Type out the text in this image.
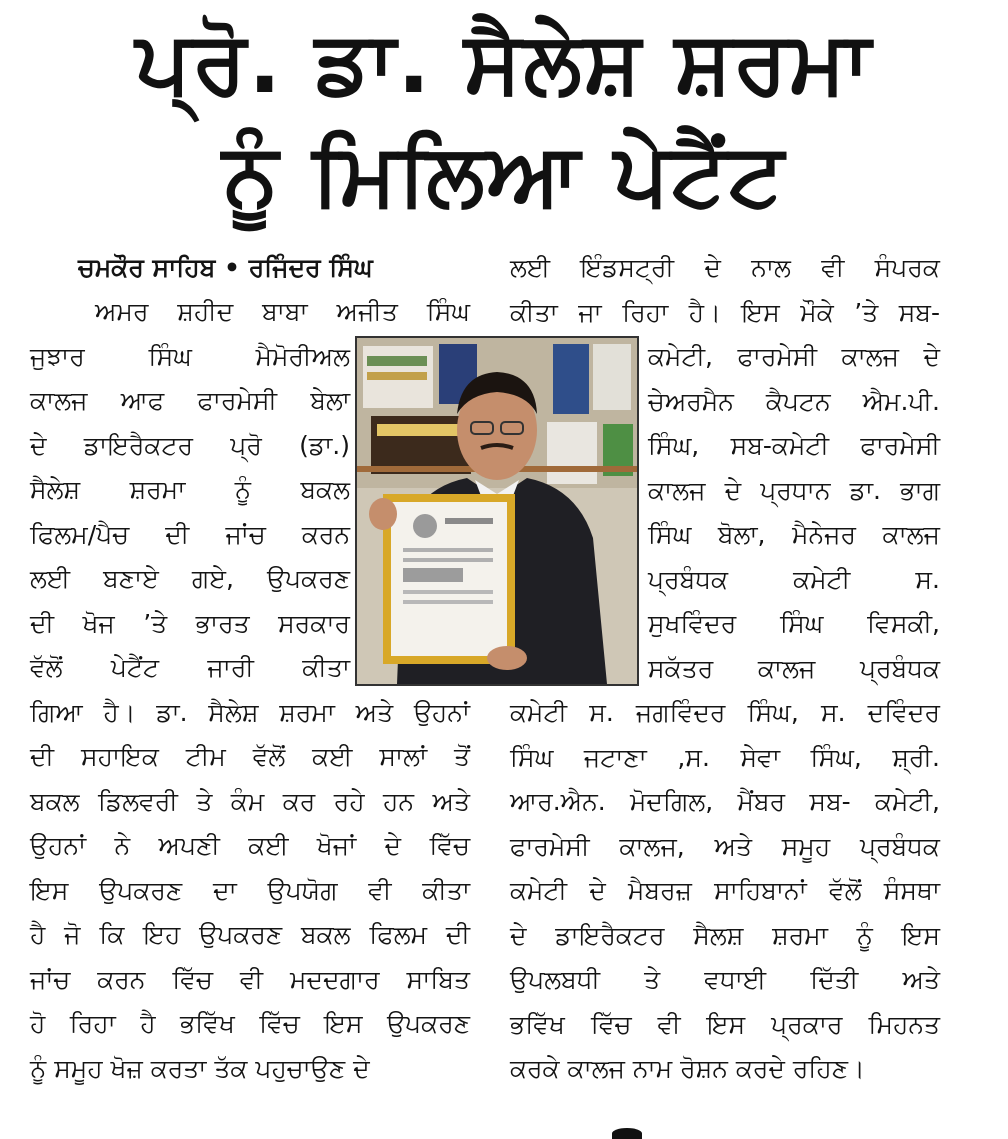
ਪ੍ਰੋ. ਡਾ. ਸੈਲੇਸ਼ ਸ਼ਰਮਾ
ਨੂੰ ਮਿਲਿਆ ਪੇਟੈਂਟ
ਚਮਕੌਰ ਸਾਹਿਬ • ਰਜਿੰਦਰ ਸਿੰਘ
ਅਮਰ ਸ਼ਹੀਦ ਬਾਬਾ ਅਜੀਤ ਸਿੰਘ
ਜੁਝਾਰ ਸਿੰਘ ਮੈਮੋਰੀਅਲ
ਕਾਲਜ ਆਫ ਫਾਰਮੇਸੀ ਬੇਲਾ
ਦੇ ਡਾਇਰੈਕਟਰ ਪ੍ਰੋ (ਡਾ.)
ਸੈਲੇਸ਼ ਸ਼ਰਮਾ ਨੂੰ ਬਕਲ
ਫਿਲਮ/ਪੈਚ ਦੀ ਜਾਂਚ ਕਰਨ
ਲਈ ਬਣਾਏ ਗਏ, ਉਪਕਰਣ
ਦੀ ਖੋਜ ’ਤੇ ਭਾਰਤ ਸਰਕਾਰ
ਵੱਲੋਂ ਪੇਟੈਂਟ ਜਾਰੀ ਕੀਤਾ
ਗਿਆ ਹੈ। ਡਾ. ਸੈਲੇਸ਼ ਸ਼ਰਮਾ ਅਤੇ ਉਹਨਾਂ
ਦੀ ਸਹਾਇਕ ਟੀਮ ਵੱਲੋਂ ਕਈ ਸਾਲਾਂ ਤੋਂ
ਬਕਲ ਡਿਲਵਰੀ ਤੇ ਕੰਮ ਕਰ ਰਹੇ ਹਨ ਅਤੇ
ਉਹਨਾਂ ਨੇ ਅਪਣੀ ਕਈ ਖੋਜਾਂ ਦੇ ਵਿੱਚ
ਇਸ ਉਪਕਰਣ ਦਾ ਉਪਯੋਗ ਵੀ ਕੀਤਾ
ਹੈ ਜੋ ਕਿ ਇਹ ਉਪਕਰਣ ਬਕਲ ਫਿਲਮ ਦੀ
ਜਾਂਚ ਕਰਨ ਵਿੱਚ ਵੀ ਮਦਦਗਾਰ ਸਾਬਿਤ
ਹੋ ਰਿਹਾ ਹੈ ਭਵਿੱਖ ਵਿੱਚ ਇਸ ਉਪਕਰਣ
ਨੂੰ ਸਮੂਹ ਖੋਜ਼ ਕਰਤਾ ਤੱਕ ਪਹੁਚਾਉਣ ਦੇ
ਲਈ ਇੰਡਸਟ੍ਰੀ ਦੇ ਨਾਲ ਵੀ ਸੰਪਰਕ
ਕੀਤਾ ਜਾ ਰਿਹਾ ਹੈ। ਇਸ ਮੌਕੇ ’ਤੇ ਸਬ-
ਕਮੇਟੀ, ਫਾਰਮੇਸੀ ਕਾਲਜ ਦੇ
ਚੇਅਰਮੈਨ ਕੈਪਟਨ ਐਮ.ਪੀ.
ਸਿੰਘ, ਸਬ-ਕਮੇਟੀ ਫਾਰਮੇਸੀ
ਕਾਲਜ ਦੇ ਪ੍ਰਧਾਨ ਡਾ. ਭਾਗ
ਸਿੰਘ ਬੋਲਾ, ਮੈਨੇਜਰ ਕਾਲਜ
ਪ੍ਰਬੰਧਕ ਕਮੇਟੀ ਸ.
ਸੁਖਵਿੰਦਰ ਸਿੰਘ ਵਿਸਕੀ,
ਸਕੱਤਰ ਕਾਲਜ ਪ੍ਰਬੰਧਕ
ਕਮੇਟੀ ਸ. ਜਗਵਿੰਦਰ ਸਿੰਘ, ਸ. ਦਵਿੰਦਰ
ਸਿੰਘ ਜਟਾਣਾ ,ਸ. ਸੇਵਾ ਸਿੰਘ, ਸ਼੍ਰੀ.
ਆਰ.ਐਨ. ਮੋਦਗਿਲ, ਮੈਂਬਰ ਸਬ- ਕਮੇਟੀ,
ਫਾਰਮੇਸੀ ਕਾਲਜ, ਅਤੇ ਸਮੂਹ ਪ੍ਰਬੰਧਕ
ਕਮੇਟੀ ਦੇ ਮੈਬਰਜ਼ ਸਾਹਿਬਾਨਾਂ ਵੱਲੋਂ ਸੰਸਥਾ
ਦੇ ਡਾਇਰੈਕਟਰ ਸੈਲਸ਼ ਸ਼ਰਮਾ ਨੂੰ ਇਸ
ਉਪਲਬਧੀ ਤੇ ਵਧਾਈ ਦਿੱਤੀ ਅਤੇ
ਭਵਿੱਖ ਵਿੱਚ ਵੀ ਇਸ ਪ੍ਰਕਾਰ ਮਿਹਨਤ
ਕਰਕੇ ਕਾਲਜ ਨਾਮ ਰੋਸ਼ਨ ਕਰਦੇ ਰਹਿਣ।
